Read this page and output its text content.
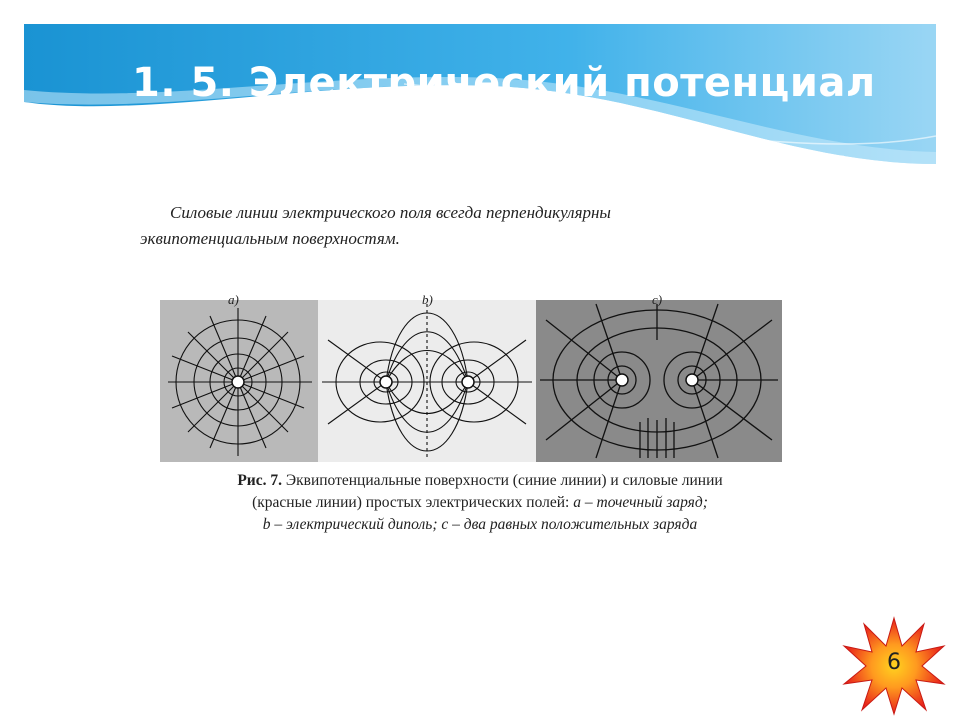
1. 5. Электрический потенциал
Силовые линии электрического поля всегда перпендикулярны
эквипотенциальным поверхностям.
a)	b)	c)
Рис. 7. Эквипотенциальные поверхности (синие линии) и силовые линии
(красные линии) простых электрических полей: a – точечный заряд;
b – электрический диполь; c – два равных положительных заряда
6
